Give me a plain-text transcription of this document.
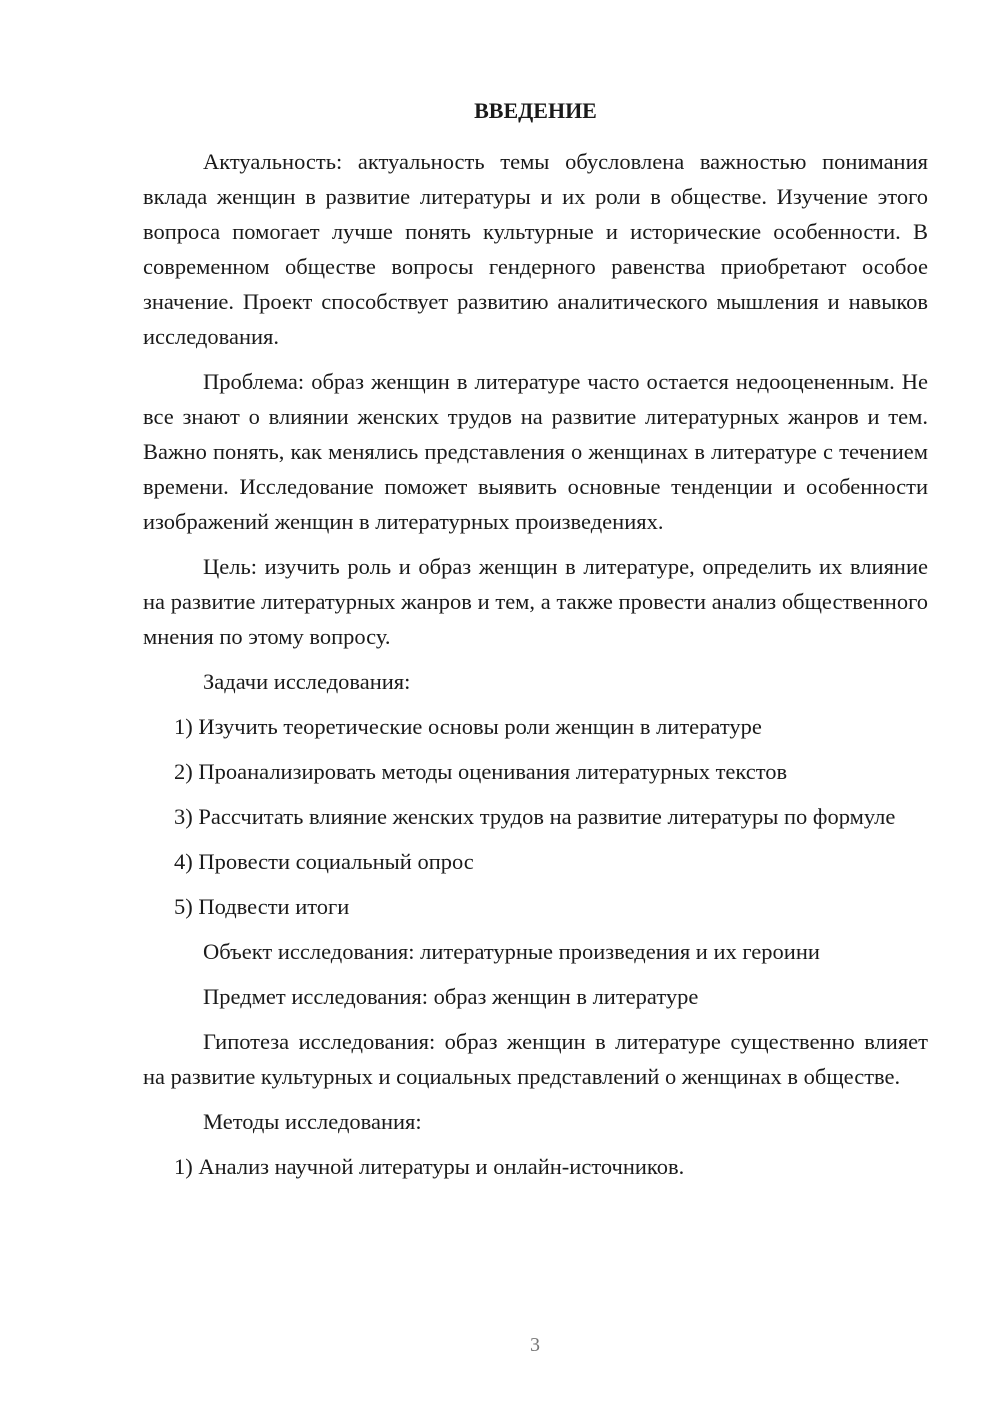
ВВЕДЕНИЕ

Актуальность: актуальность темы обусловлена важностью понимания вклада женщин в развитие литературы и их роли в обществе. Изучение этого вопроса помогает лучше понять культурные и исторические особенности. В современном обществе вопросы гендерного равенства приобретают особое значение. Проект способствует развитию аналитического мышления и навыков исследования.

Проблема: образ женщин в литературе часто остается недооцененным. Не все знают о влиянии женских трудов на развитие литературных жанров и тем. Важно понять, как менялись представления о женщинах в литературе с течением времени. Исследование поможет выявить основные тенденции и особенности изображений женщин в литературных произведениях.

Цель: изучить роль и образ женщин в литературе, определить их влияние на развитие литературных жанров и тем, а также провести анализ общественного мнения по этому вопросу.

Задачи исследования:

1) Изучить теоретические основы роли женщин в литературе

2) Проанализировать методы оценивания литературных текстов

3) Рассчитать влияние женских трудов на развитие литературы по формуле

4) Провести социальный опрос

5) Подвести итоги

Объект исследования: литературные произведения и их героини

Предмет исследования: образ женщин в литературе

Гипотеза исследования: образ женщин в литературе существенно влияет на развитие культурных и социальных представлений о женщинах в обществе.

Методы исследования:

1) Анализ научной литературы и онлайн-источников.

3
